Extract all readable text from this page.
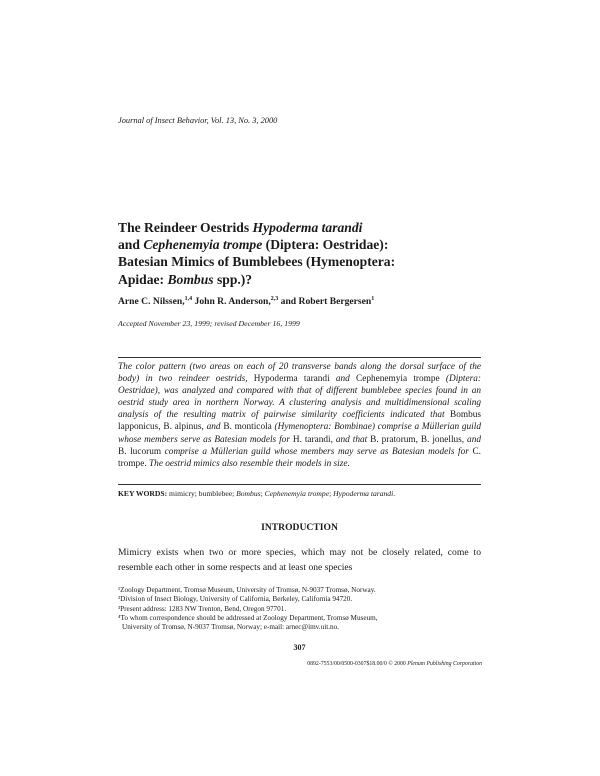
Journal of Insect Behavior, Vol. 13, No. 3, 2000
The Reindeer Oestrids Hypoderma tarandi
and Cephenemyia trompe (Diptera: Oestridae):
Batesian Mimics of Bumblebees (Hymenoptera:
Apidae: Bombus spp.)?
Arne C. Nilssen,$^{1,4}$ John R. Anderson,$^{2,3}$ and Robert Bergersen$^1$
Accepted November 23, 1999; revised December 16, 1999
The color pattern (two areas on each of 20 transverse bands along the dorsal surface of the body) in two reindeer oestrids, Hypoderma tarandi and Cephenemyia trompe (Diptera: Oestridae), was analyzed and compared with that of different bumblebee species found in an oestrid study area in northern Norway. A clustering analysis and multidimensional scaling analysis of the resulting matrix of pairwise similarity coefficients indicated that Bombus lapponicus, B. alpinus, and B. monticola (Hymenoptera: Bombinae) comprise a Müllerian guild whose members serve as Batesian models for H. tarandi, and that B. pratorum, B. jonellus, and B. lucorum comprise a Müllerian guild whose members may serve as Batesian models for C. trompe. The oestrid mimics also resemble their models in size.
KEY WORDS: mimicry; bumblebee; Bombus; Cephenemyia trompe; Hypoderma tarandi.
INTRODUCTION
Mimicry exists when two or more species, which may not be closely related, come to resemble each other in some respects and at least one species
¹Zoology Department, Tromsø Museum, University of Tromsø, N-9037 Tromsø, Norway.
²Division of Insect Biology, University of California, Berkeley, California 94720.
³Present address: 1283 NW Trenton, Bend, Oregon 97701.
⁴To whom correspondence should be addressed at Zoology Department, Tromsø Museum,
University of Tromsø, N-9037 Tromsø, Norway; e-mail: arnec@imv.uit.no.
307
0892-7553/00/0500-0307$18.00/0 © 2000 Plenum Publishing Corporation
